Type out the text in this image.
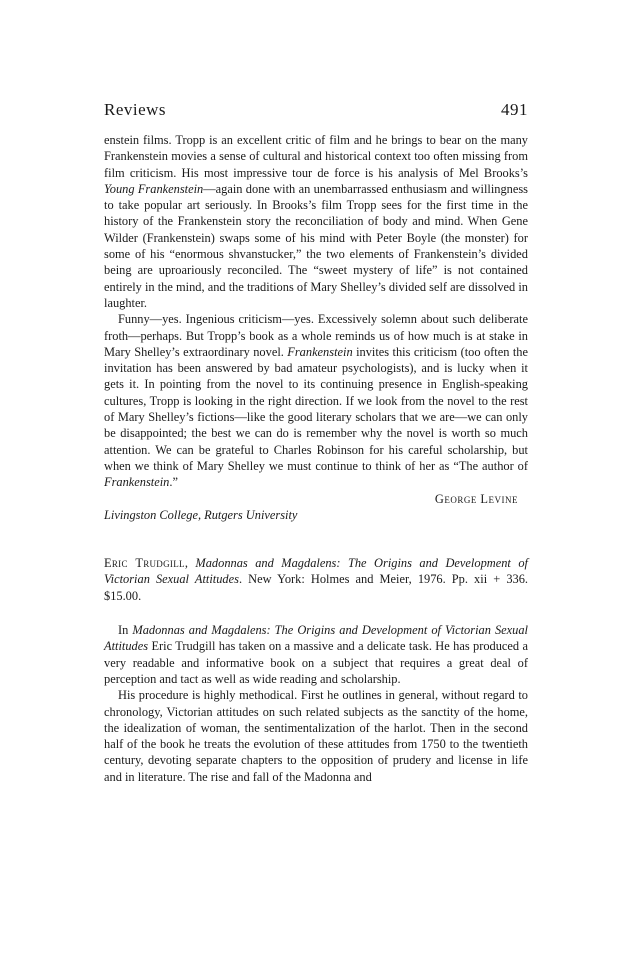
Reviews	491

enstein films. Tropp is an excellent critic of film and he brings to bear on the many Frankenstein movies a sense of cultural and historical context too often missing from film criticism. His most impressive tour de force is his analysis of Mel Brooks’s Young Frankenstein—again done with an unembarrassed enthusiasm and willingness to take popular art seriously. In Brooks’s film Tropp sees for the first time in the history of the Frankenstein story the reconciliation of body and mind. When Gene Wilder (Frankenstein) swaps some of his mind with Peter Boyle (the monster) for some of his “enormous shvanstucker,” the two elements of Frankenstein’s divided being are uproariously reconciled. The “sweet mystery of life” is not contained entirely in the mind, and the traditions of Mary Shelley’s divided self are dissolved in laughter.

Funny—yes. Ingenious criticism—yes. Excessively solemn about such deliberate froth—perhaps. But Tropp’s book as a whole reminds us of how much is at stake in Mary Shelley’s extraordinary novel. Frankenstein invites this criticism (too often the invitation has been answered by bad amateur psychologists), and is lucky when it gets it. In pointing from the novel to its continuing presence in English-speaking cultures, Tropp is looking in the right direction. If we look from the novel to the rest of Mary Shelley’s fictions—like the good literary scholars that we are—we can only be disappointed; the best we can do is remember why the novel is worth so much attention. We can be grateful to Charles Robinson for his careful scholarship, but when we think of Mary Shelley we must continue to think of her as “The author of Frankenstein.”

George Levine
Livingston College, Rutgers University
Eric Trudgill, Madonnas and Magdalens: The Origins and Development of Victorian Sexual Attitudes. New York: Holmes and Meier, 1976. Pp. xii + 336. $15.00.

In Madonnas and Magdalens: The Origins and Development of Victorian Sexual Attitudes Eric Trudgill has taken on a massive and a delicate task. He has produced a very readable and informative book on a subject that requires a great deal of perception and tact as well as wide reading and scholarship.

His procedure is highly methodical. First he outlines in general, without regard to chronology, Victorian attitudes on such related subjects as the sanctity of the home, the idealization of woman, the sentimentalization of the harlot. Then in the second half of the book he treats the evolution of these attitudes from 1750 to the twentieth century, devoting separate chapters to the opposition of prudery and license in life and in literature. The rise and fall of the Madonna and
